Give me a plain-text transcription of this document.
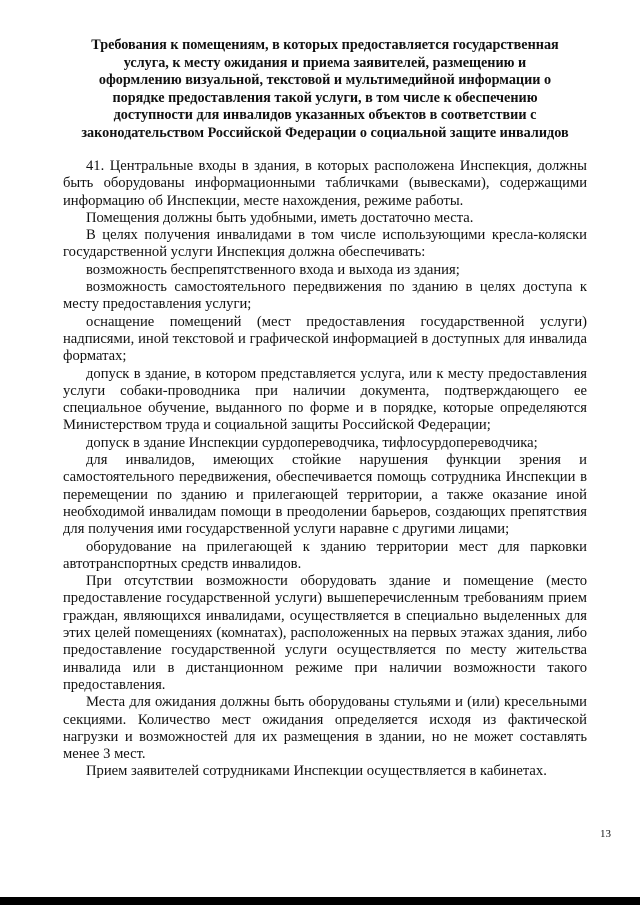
Требования к помещениям, в которых предоставляется государственная
услуга, к месту ожидания и приема заявителей, размещению и
оформлению визуальной, текстовой и мультимедийной информации о
порядке предоставления такой услуги, в том числе к обеспечению
доступности для инвалидов указанных объектов в соответствии с
законодательством Российской Федерации о социальной защите инвалидов

41. Центральные входы в здания, в которых расположена Инспекция, должны быть оборудованы информационными табличками (вывесками), содержащими информацию об Инспекции, месте нахождения, режиме работы.

Помещения должны быть удобными, иметь достаточно места.

В целях получения инвалидами в том числе использующими кресла-коляски государственной услуги Инспекция должна обеспечивать:

возможность беспрепятственного входа и выхода из здания;

возможность самостоятельного передвижения по зданию в целях доступа к месту предоставления услуги;

оснащение помещений (мест предоставления государственной услуги) надписями, иной текстовой и графической информацией в доступных для инвалида форматах;

допуск в здание, в котором представляется услуга, или к месту предоставления услуги собаки-проводника при наличии документа, подтверждающего ее специальное обучение, выданного по форме и в порядке, которые определяются Министерством труда и социальной защиты Российской Федерации;

допуск в здание Инспекции сурдопереводчика, тифлосурдопереводчика;

для инвалидов, имеющих стойкие нарушения функции зрения и самостоятельного передвижения, обеспечивается помощь сотрудника Инспекции в перемещении по зданию и прилегающей территории, а также оказание иной необходимой инвалидам помощи в преодолении барьеров, создающих препятствия для получения ими государственной услуги наравне с другими лицами;

оборудование на прилегающей к зданию территории мест для парковки автотранспортных средств инвалидов.

При отсутствии возможности оборудовать здание и помещение (место предоставление государственной услуги) вышеперечисленным требованиям прием граждан, являющихся инвалидами, осуществляется в специально выделенных для этих целей помещениях (комнатах), расположенных на первых этажах здания, либо предоставление государственной услуги осуществляется по месту жительства инвалида или в дистанционном режиме при наличии возможности такого предоставления.

Места для ожидания должны быть оборудованы стульями и (или) кресельными секциями. Количество мест ожидания определяется исходя из фактической нагрузки и возможностей для их размещения в здании, но не может составлять менее 3 мест.

Прием заявителей сотрудниками Инспекции осуществляется в кабинетах.

13
